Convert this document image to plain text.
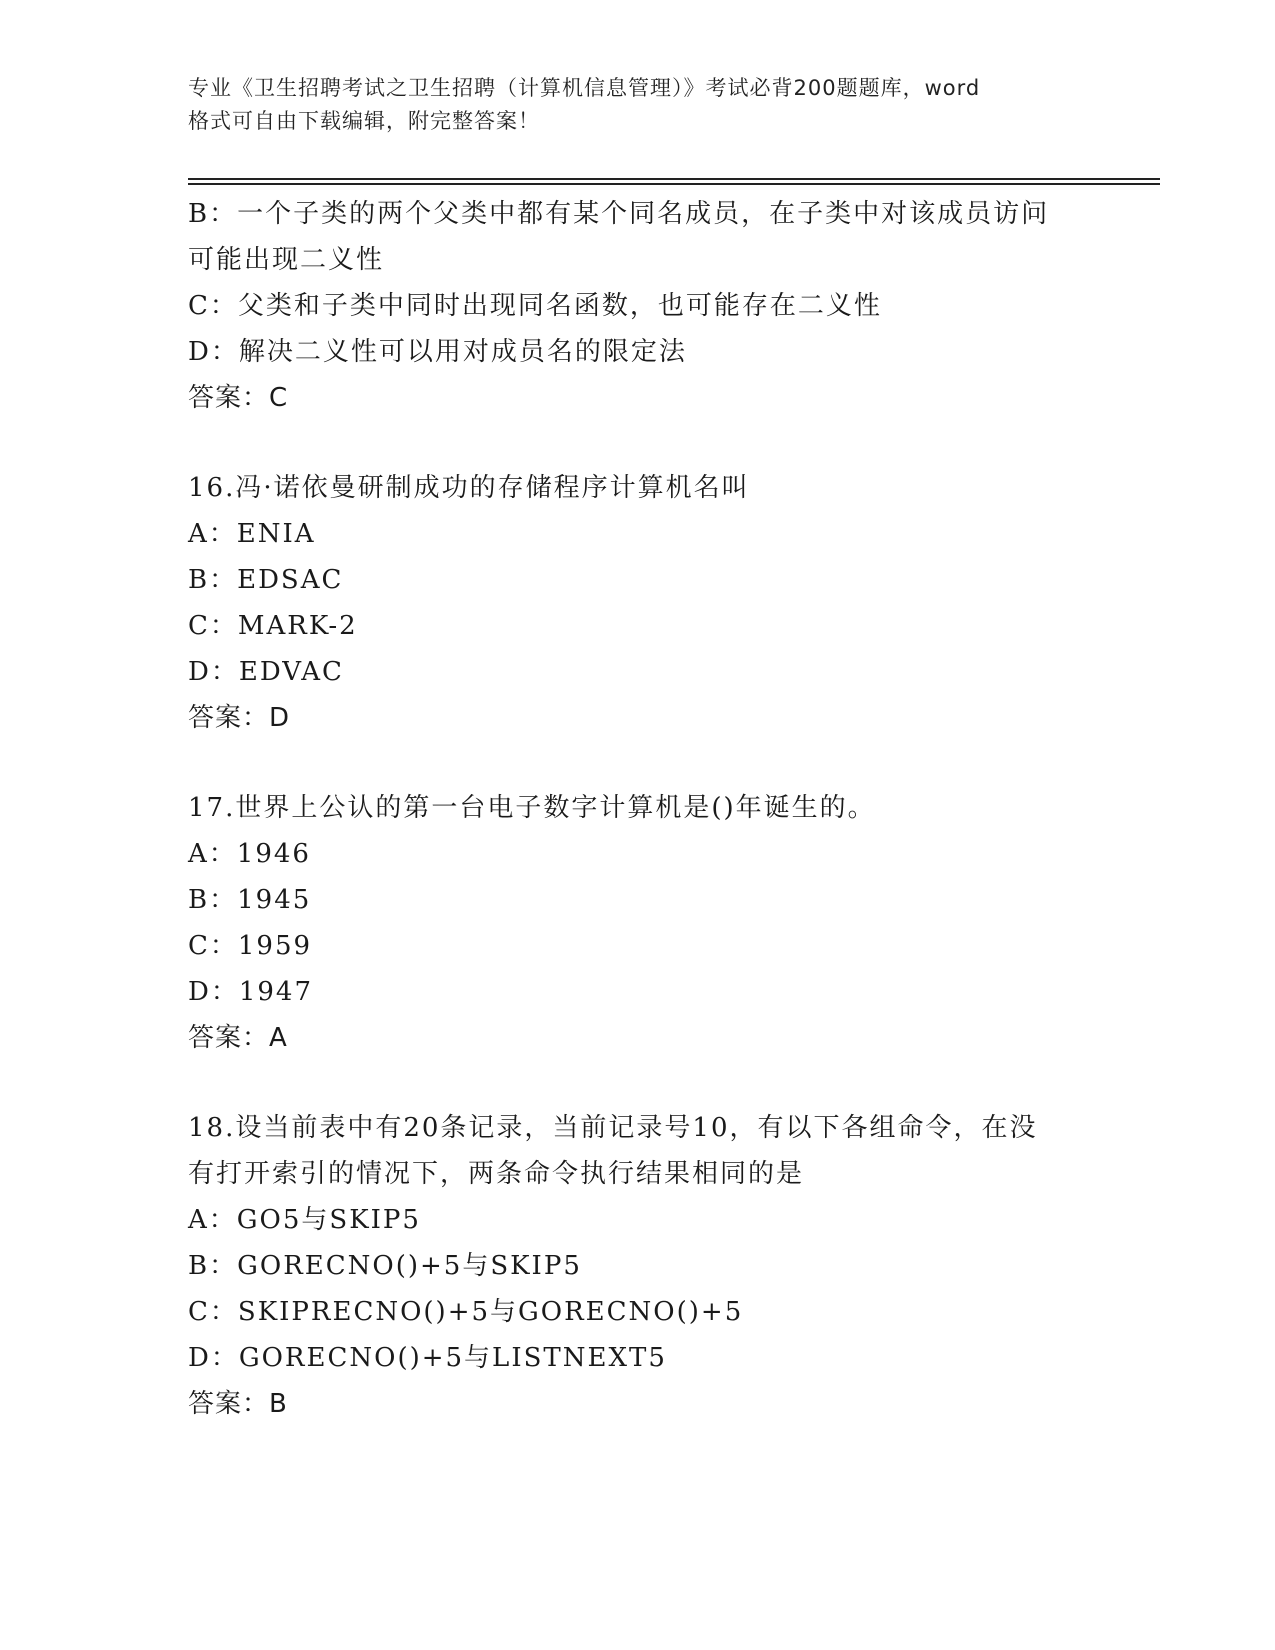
专业《卫生招聘考试之卫生招聘（计算机信息管理）》考试必背200题题库，word
格式可自由下载编辑，附完整答案！

B：一个子类的两个父类中都有某个同名成员，在子类中对该成员访问

可能出现二义性

C：父类和子类中同时出现同名函数，也可能存在二义性

D：解决二义性可以用对成员名的限定法

答案：C

16.冯·诺依曼研制成功的存储程序计算机名叫

A：ENIA

B：EDSAC

C：MARK-2

D：EDVAC

答案：D

17.世界上公认的第一台电子数字计算机是()年诞生的。

A：1946

B：1945

C：1959

D：1947

答案：A

18.设当前表中有20条记录，当前记录号10，有以下各组命令，在没

有打开索引的情况下，两条命令执行结果相同的是

A：GO5与SKIP5

B：GORECNO()+5与SKIP5

C：SKIPRECNO()+5与GORECNO()+5

D：GORECNO()+5与LISTNEXT5

答案：B
